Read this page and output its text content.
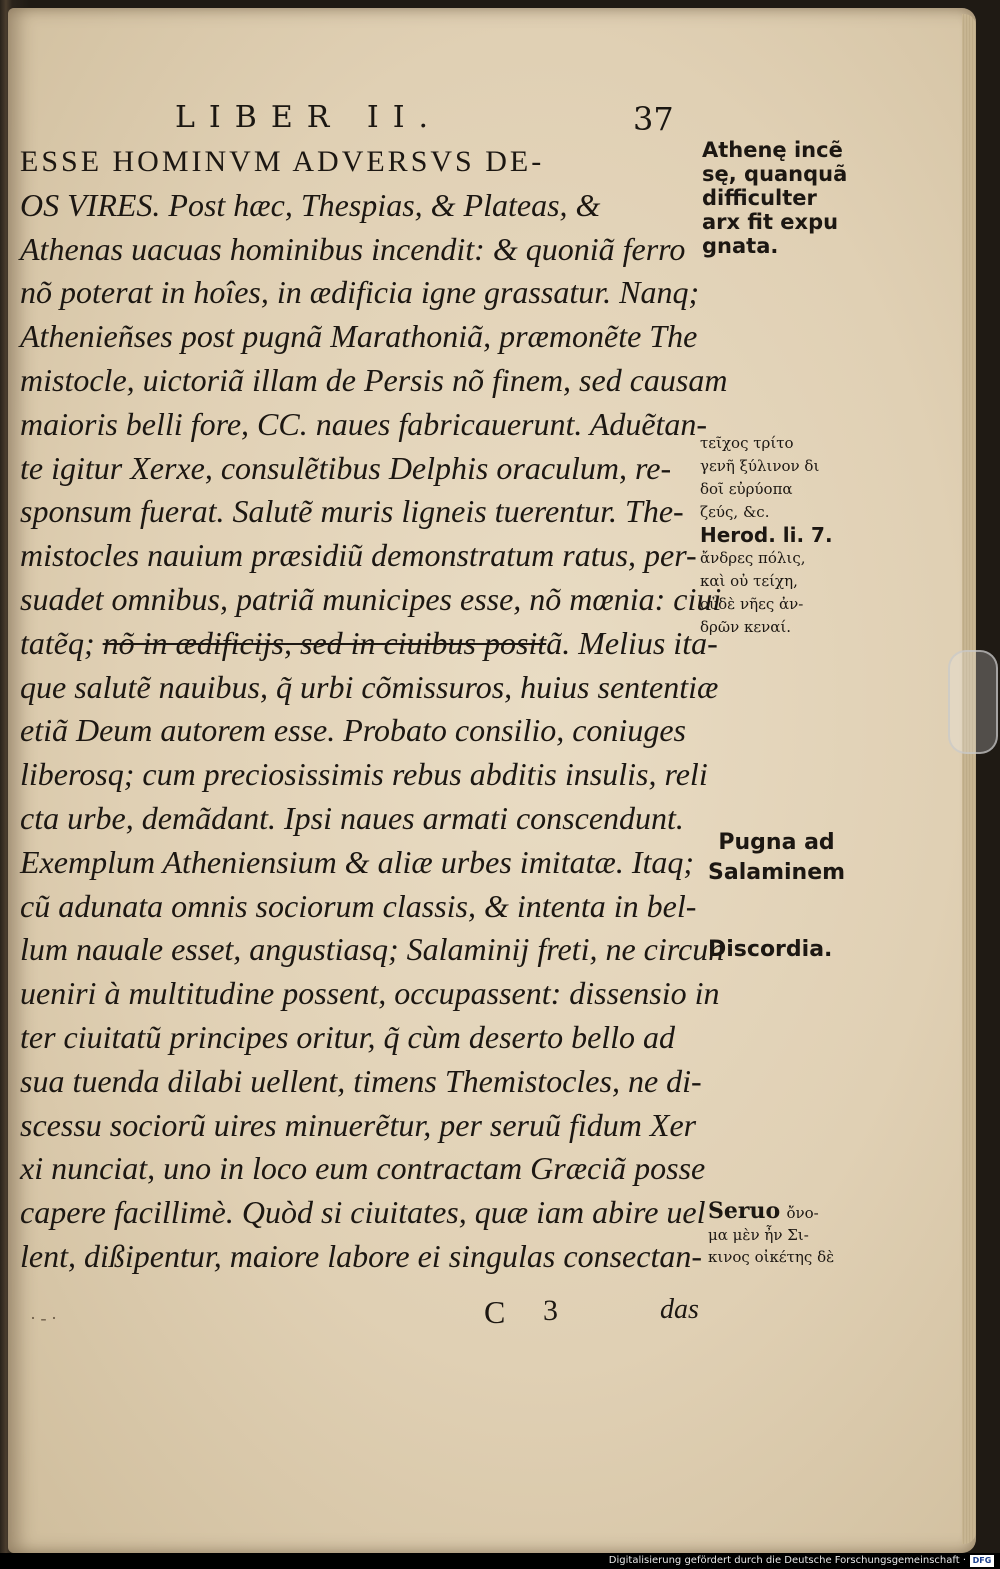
LIBER II.	37
ESSE HOMINVM ADVERSVS DE-
OS VIRES. Post hæc, Thespias, & Plateas, &
Athenas uacuas hominibus incendit: & quoniã ferro
nõ poterat in hoîes, in ædificia igne grassatur. Nanq;
Athenieñses post pugnã Marathoniã, præmonẽte The
mistocle, uictoriã illam de Persis nõ finem, sed causam
maioris belli fore, CC. naues fabricauerunt. Aduẽtan-
te igitur Xerxe, consulẽtibus Delphis oraculum, re-
sponsum fuerat. Salutẽ muris ligneis tuerentur. The-
mistocles nauium præsidiũ demonstratum ratus, per-
suadet omnibus, patriã municipes esse, nõ mœnia: ciui
tatẽq; nõ in ædificijs, sed in ciuibus positã. Melius ita-
que salutẽ nauibus, q̃ urbi cõmissuros, huius sententiæ
etiã Deum autorem esse. Probato consilio, coniuges
liberosq; cum preciosissimis rebus abditis insulis, reli
cta urbe, demãdant. Ipsi naues armati conscendunt.
Exemplum Atheniensium & aliæ urbes imitatæ. Itaq;
cũ adunata omnis sociorum classis, & intenta in bel-
lum nauale esset, angustiasq; Salaminij freti, ne circun
ueniri à multitudine possent, occupassent: dissensio in
ter ciuitatũ principes oritur, q̃ cùm deserto bello ad
sua tuenda dilabi uellent, timens Themistocles, ne di-
scessu sociorũ uires minuerẽtur, per seruũ fidum Xer
xi nunciat, uno in loco eum contractam Græciã posse
capere facillimè. Quòd si ciuitates, quæ iam abire uel
lent, dißipentur, maiore labore ei singulas consectan-
Athenę incẽ
sę, quanquã
difficulter
arx fit expu
gnata.
τεῖχος τρίτο
γενῆ ξύλινον δι
δοῖ εὐρύοπα
ζεύς, &c.
Herod. li. 7.
ἄνδρες πόλις,
καὶ οὐ τείχη,
οὐδὲ νῆες ἀν-
δρῶν κεναί.
Pugna ad
Salaminem
Discordia.
Seruo ὄνο-
μα μὲν ἦν Σι-
κινος οἰκέτης δὲ
· - ·	C 3	das
Digitalisierung gefördert durch die Deutsche Forschungsgemeinschaft · DFG
